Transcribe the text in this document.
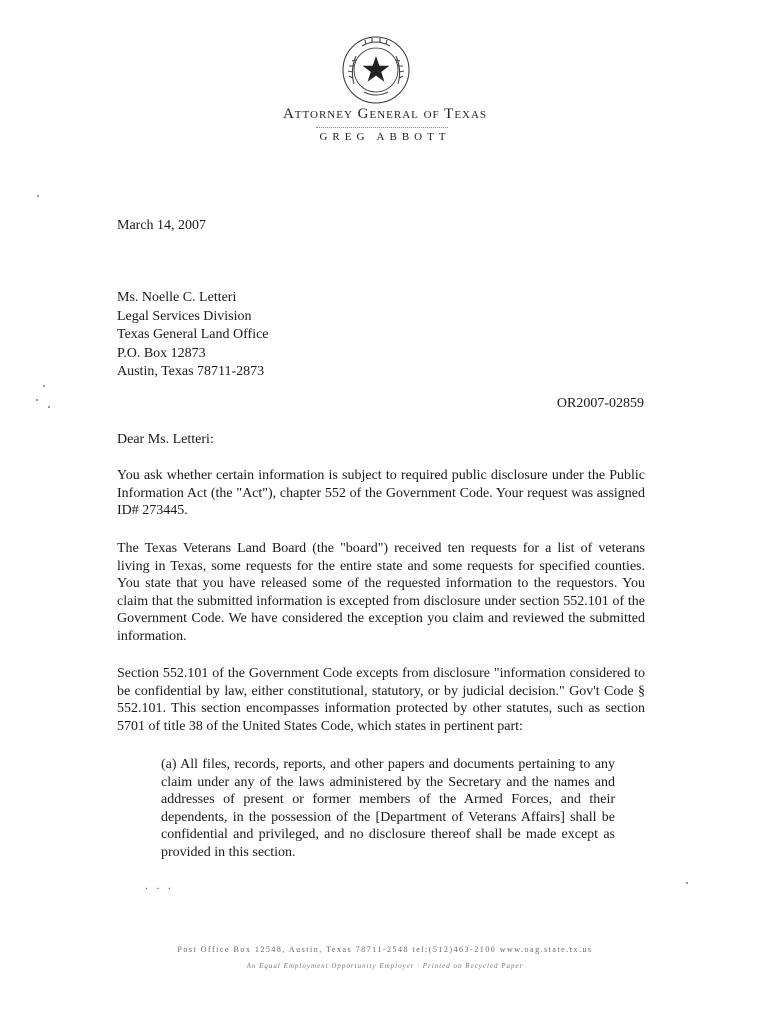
Attorney General of Texas
GREG ABBOTT
March 14, 2007
Ms. Noelle C. Letteri
Legal Services Division
Texas General Land Office
P.O. Box 12873
Austin, Texas 78711-2873
OR2007-02859
Dear Ms. Letteri:
You ask whether certain information is subject to required public disclosure under the Public Information Act (the "Act"), chapter 552 of the Government Code. Your request was assigned ID# 273445.
The Texas Veterans Land Board (the "board") received ten requests for a list of veterans living in Texas, some requests for the entire state and some requests for specified counties. You state that you have released some of the requested information to the requestors. You claim that the submitted information is excepted from disclosure under section 552.101 of the Government Code. We have considered the exception you claim and reviewed the submitted information.
Section 552.101 of the Government Code excepts from disclosure "information considered to be confidential by law, either constitutional, statutory, or by judicial decision." Gov't Code § 552.101. This section encompasses information protected by other statutes, such as section 5701 of title 38 of the United States Code, which states in pertinent part:
(a) All files, records, reports, and other papers and documents pertaining to any claim under any of the laws administered by the Secretary and the names and addresses of present or former members of the Armed Forces, and their dependents, in the possession of the [Department of Veterans Affairs] shall be confidential and privileged, and no disclosure thereof shall be made except as provided in this section.
. . .
Post Office Box 12548, Austin, Texas 78711-2548 tel:(512)463-2100 www.oag.state.tx.us
An Equal Employment Opportunity Employer · Printed on Recycled Paper
